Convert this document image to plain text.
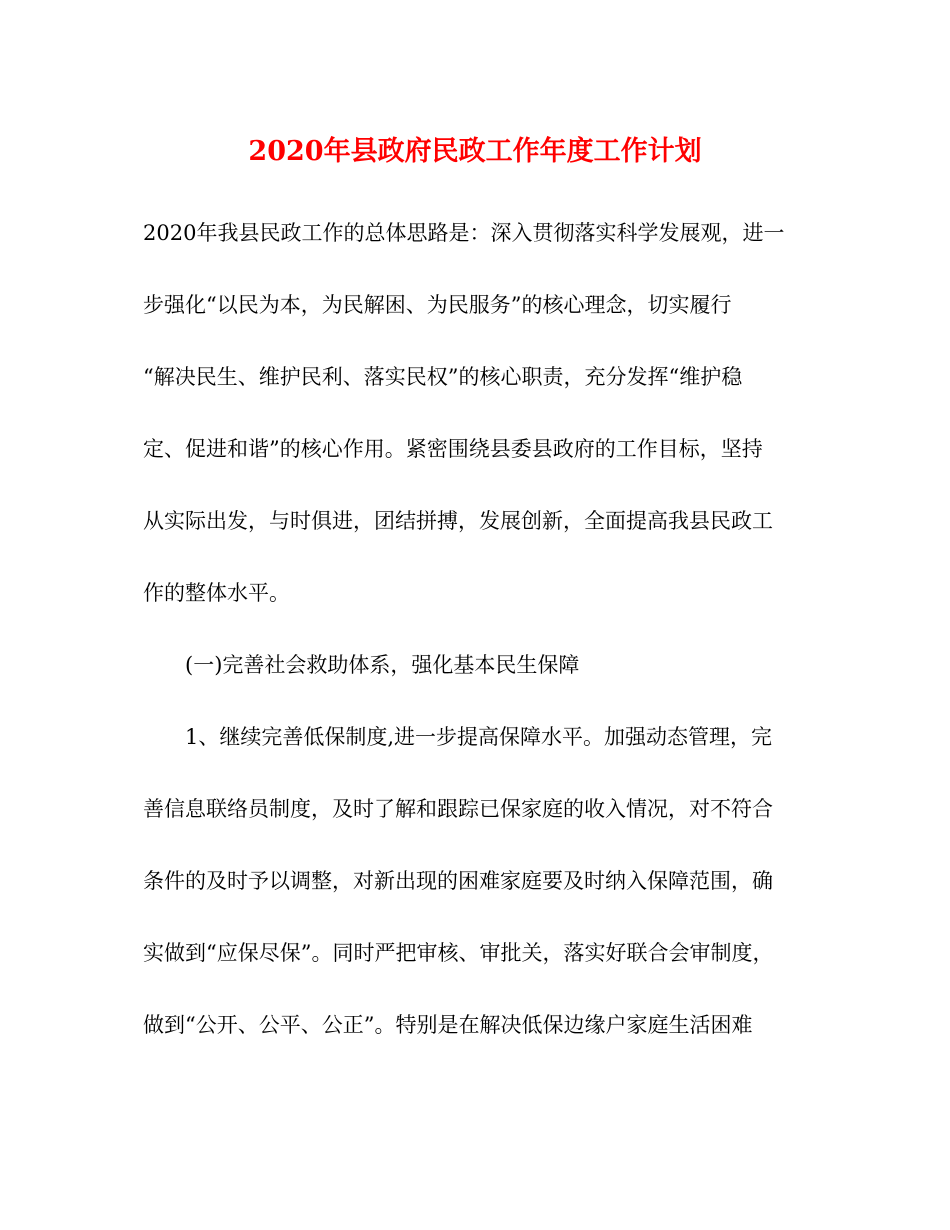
2020年县政府民政工作年度工作计划
2020年我县民政工作的总体思路是：深入贯彻落实科学发展观，进一
步强化“以民为本，为民解困、为民服务”的核心理念，切实履行
“解决民生、维护民利、落实民权”的核心职责，充分发挥“维护稳
定、促进和谐”的核心作用。紧密围绕县委县政府的工作目标，坚持
从实际出发，与时俱进，团结拼搏，发展创新，全面提高我县民政工
作的整体水平。
(一)完善社会救助体系，强化基本民生保障
1、继续完善低保制度,进一步提高保障水平。加强动态管理，完
善信息联络员制度，及时了解和跟踪已保家庭的收入情况，对不符合
条件的及时予以调整，对新出现的困难家庭要及时纳入保障范围，确
实做到“应保尽保”。同时严把审核、审批关，落实好联合会审制度，
做到“公开、公平、公正”。特别是在解决低保边缘户家庭生活困难
